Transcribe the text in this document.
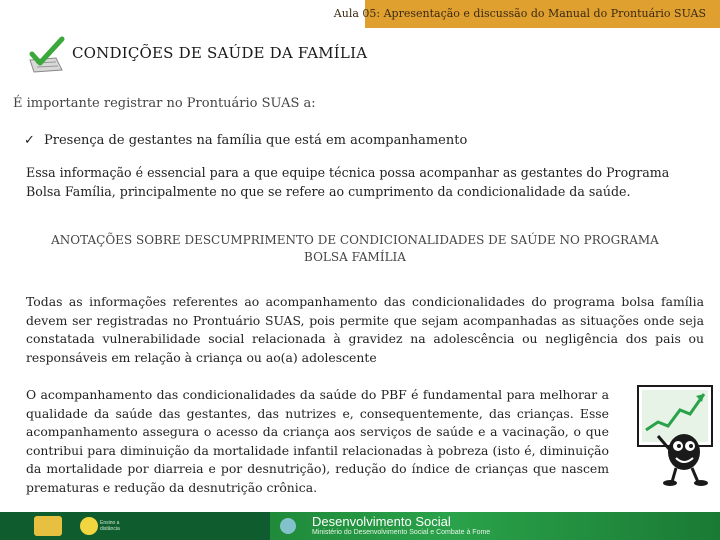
Aula 05: Apresentação e discussão do Manual do Prontuário SUAS
CONDIÇÕES DE SAÚDE DA FAMÍLIA
É importante registrar no Prontuário SUAS a:
✓ Presença de gestantes na família que está em acompanhamento
Essa informação é essencial para a que equipe técnica possa acompanhar as gestantes do Programa Bolsa Família, principalmente no que se refere ao cumprimento da condicionalidade da saúde.
ANOTAÇÕES SOBRE DESCUMPRIMENTO DE CONDICIONALIDADES DE SAÚDE NO PROGRAMA BOLSA FAMÍLIA
Todas as informações referentes ao acompanhamento das condicionalidades do programa bolsa família devem ser registradas no Prontuário SUAS, pois permite que sejam acompanhadas as situações onde seja constatada vulnerabilidade social relacionada à gravidez na adolescência ou negligência dos pais ou responsáveis em relação à criança ou ao(a) adolescente
O acompanhamento das condicionalidades da saúde do PBF é fundamental para melhorar a qualidade da saúde das gestantes, das nutrizes e, consequentemente, das crianças. Esse acompanhamento assegura o acesso da criança aos serviços de saúde e a vacinação, o que contribui para diminuição da mortalidade infantil relacionadas à pobreza (isto é, diminuição da mortalidade por diarreia e por desnutrição), redução do índice de crianças que nascem prematuras e redução da desnutrição crônica.
Ensino a distância	Desenvolvimento Social
Ministério do Desenvolvimento Social e Combate à Fome
